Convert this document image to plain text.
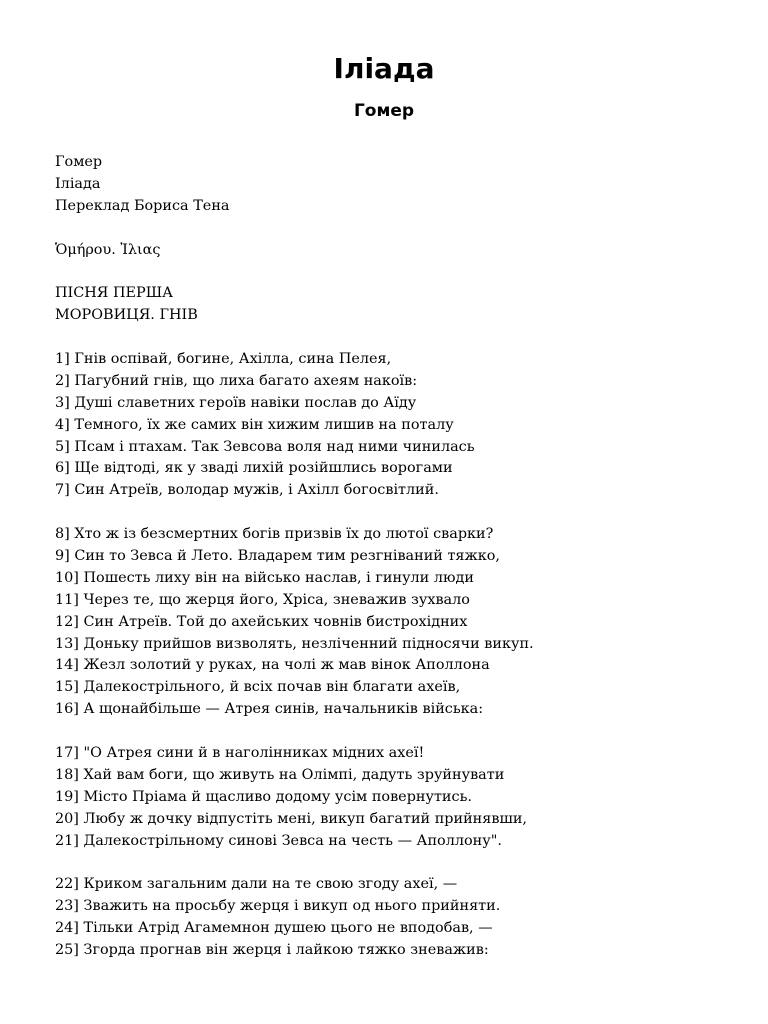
Іліада
Гомер
Гомер
Іліада
Переклад Бориса Тена
Ὁμήρου. Ἰλιας
ПІСНЯ ПЕРША
МОРОВИЦЯ. ГНІВ
1] Гнів оспівай, богине, Ахілла, сина Пелея,
2] Пагубний гнів, що лиха багато ахеям накоїв:
3] Душі славетних героїв навіки послав до Аїду
4] Темного, їх же самих він хижим лишив на поталу
5] Псам і птахам. Так Зевсова воля над ними чинилась
6] Ще відтоді, як у зваді лихій розійшлись ворогами
7] Син Атреїв, володар мужів, і Ахілл богосвітлий.
8] Хто ж із безсмертних богів призвів їх до лютої сварки?
9] Син то Зевса й Лето. Владарем тим резгніваний тяжко,
10] Пошесть лиху він на військо наслав, і гинули люди
11] Через те, що жерця його, Хріса, зневажив зухвало
12] Син Атреїв. Той до ахейських човнів бистрохідних
13] Доньку прийшов визволять, незліченний підносячи викуп.
14] Жезл золотий у руках, на чолі ж мав вінок Аполлона
15] Далекострільного, й всіх почав він благати ахеїв,
16] А щонайбільше — Атрея синів, начальників війська:
17] "О Атрея сини й в наголінниках мідних ахеї!
18] Хай вам боги, що живуть на Олімпі, дадуть зруйнувати
19] Місто Пріама й щасливо додому усім повернутись.
20] Любу ж дочку відпустіть мені, викуп багатий прийнявши,
21] Далекострільному синові Зевса на честь — Аполлону".
22] Криком загальним дали на те свою згоду ахеї, —
23] Зважить на просьбу жерця і викуп од нього прийняти.
24] Тільки Атрід Агамемнон душею цього не вподобав, —
25] Згорда прогнав він жерця і лайкою тяжко зневажив:
